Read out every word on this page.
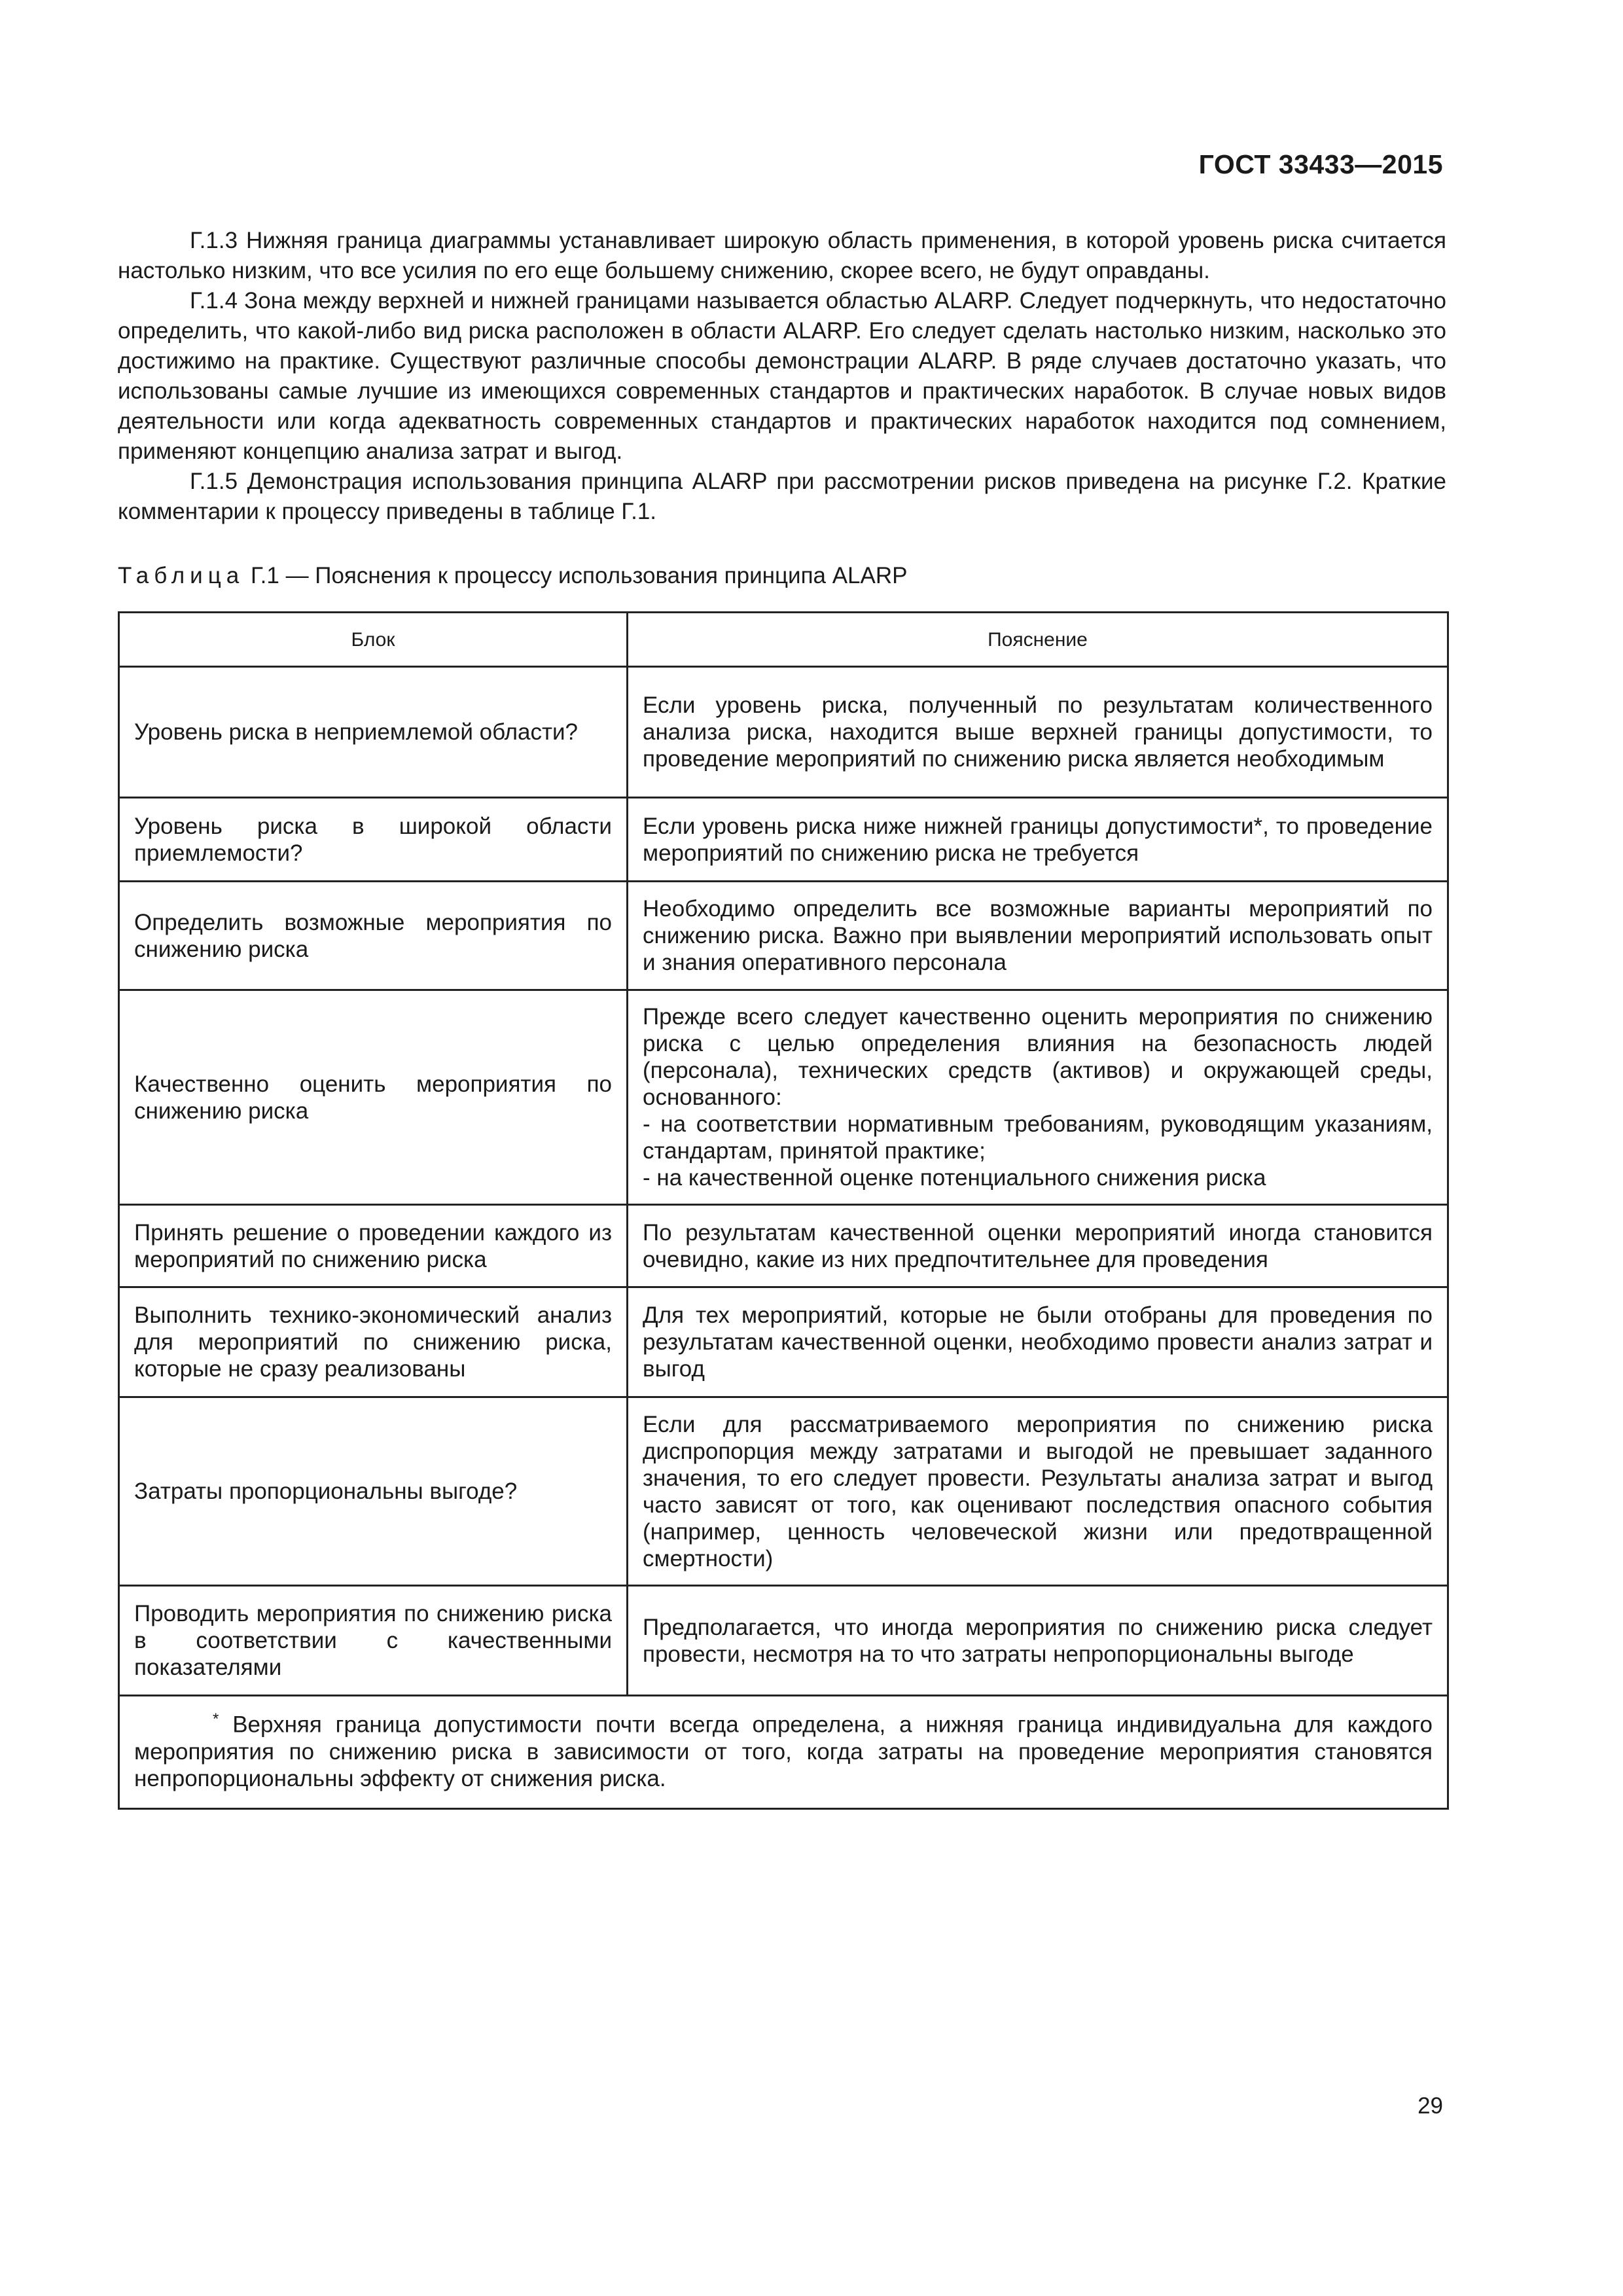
ГОСТ 33433—2015

Г.1.3 Нижняя граница диаграммы устанавливает широкую область применения, в которой уровень риска считается настолько низким, что все усилия по его еще большему снижению, скорее всего, не будут оправданы.

Г.1.4 Зона между верхней и нижней границами называется областью ALARP. Следует подчеркнуть, что недостаточно определить, что какой-либо вид риска расположен в области ALARP. Его следует сделать настолько низким, насколько это достижимо на практике. Существуют различные способы демонстрации ALARP. В ряде случаев достаточно указать, что использованы самые лучшие из имеющихся современных стандартов и практических наработок. В случае новых видов деятельности или когда адекватность современных стандартов и практических наработок находится под сомнением, применяют концепцию анализа затрат и выгод.

Г.1.5 Демонстрация использования принципа ALARP при рассмотрении рисков приведена на рисунке Г.2. Краткие комментарии к процессу приведены в таблице Г.1.

Таблица Г.1 — Пояснения к процессу использования принципа ALARP
Блок	Пояснение
Уровень риска в неприемлемой области?	Если уровень риска, полученный по результатам количественного анализа риска, находится выше верхней границы допустимости, то проведение мероприятий по снижению риска является необходимым
Уровень риска в широкой области приемлемости?	Если уровень риска ниже нижней границы допустимости*, то проведение мероприятий по снижению риска не требуется
Определить возможные мероприятия по снижению риска	Необходимо определить все возможные варианты мероприятий по снижению риска. Важно при выявлении мероприятий использовать опыт и знания оперативного персонала
Качественно оценить мероприятия по снижению риска	Прежде всего следует качественно оценить мероприятия по снижению риска с целью определения влияния на безопасность людей (персонала), технических средств (активов) и окружающей среды, основанного:
- на соответствии нормативным требованиям, руководящим указаниям, стандартам, принятой практике;
- на качественной оценке потенциального снижения риска

Принять решение о проведении каждого из мероприятий по снижению риска	По результатам качественной оценки мероприятий иногда становится очевидно, какие из них предпочтительнее для проведения
Выполнить технико-экономический анализ для мероприятий по снижению риска, которые не сразу реализованы	Для тех мероприятий, которые не были отобраны для проведения по результатам качественной оценки, необходимо провести анализ затрат и выгод
Затраты пропорциональны выгоде?	Если для рассматриваемого мероприятия по снижению риска диспропорция между затратами и выгодой не превышает заданного значения, то его следует провести. Результаты анализа затрат и выгод часто зависят от того, как оценивают последствия опасного события (например, ценность человеческой жизни или предотвращенной смертности)
Проводить мероприятия по снижению риска в соответствии с качественными показателями	Предполагается, что иногда мероприятия по снижению риска следует провести, несмотря на то что затраты непропорциональны выгоде

* Верхняя граница допустимости почти всегда определена, а нижняя граница индивидуальна для каждого мероприятия по снижению риска в зависимости от того, когда затраты на проведение мероприятия становятся непропорциональны эффекту от снижения риска.	
29
